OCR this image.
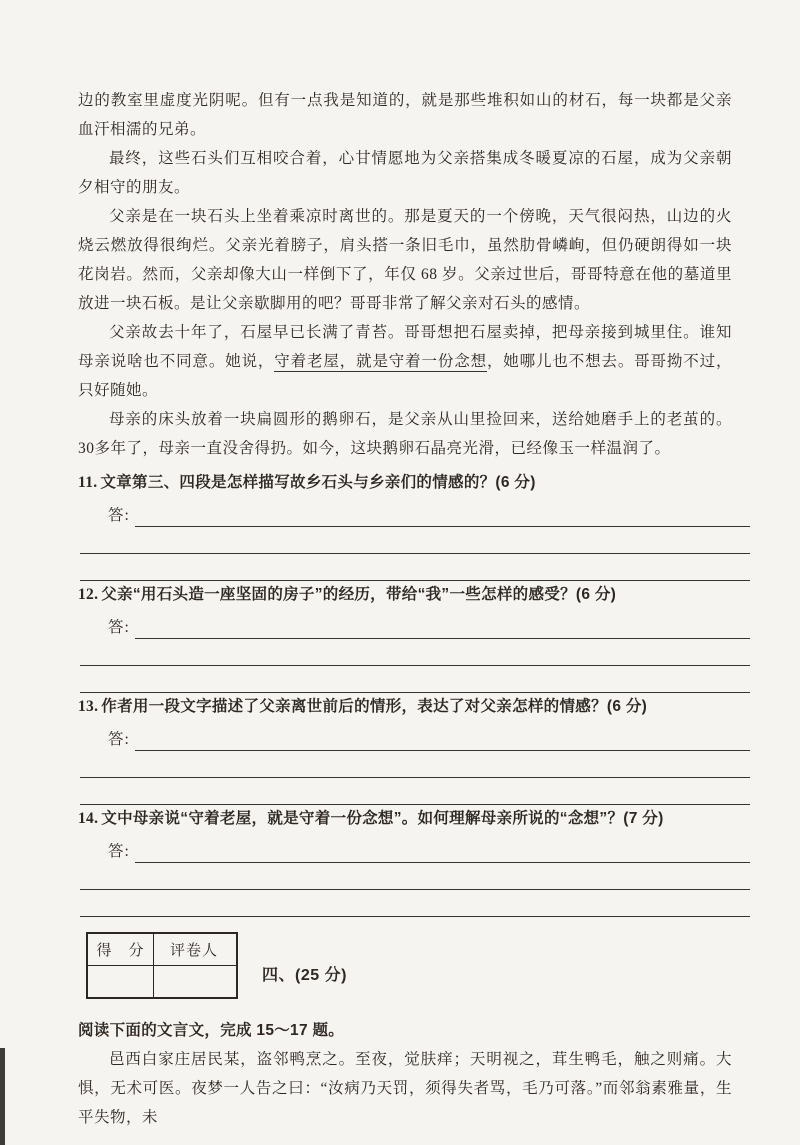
边的教室里虚度光阴呢。但有一点我是知道的，就是那些堆积如山的材石，每一块都是父亲血汗相濡的兄弟。

最终，这些石头们互相咬合着，心甘情愿地为父亲搭集成冬暖夏凉的石屋，成为父亲朝夕相守的朋友。

父亲是在一块石头上坐着乘凉时离世的。那是夏天的一个傍晚，天气很闷热，山边的火烧云燃放得很绚烂。父亲光着膀子，肩头搭一条旧毛巾，虽然肋骨嶙峋，但仍硬朗得如一块花岗岩。然而，父亲却像大山一样倒下了，年仅 68 岁。父亲过世后，哥哥特意在他的墓道里放进一块石板。是让父亲歇脚用的吧？哥哥非常了解父亲对石头的感情。

父亲故去十年了，石屋早已长满了青苔。哥哥想把石屋卖掉，把母亲接到城里住。谁知母亲说啥也不同意。她说，守着老屋，就是守着一份念想，她哪儿也不想去。哥哥拗不过，只好随她。

母亲的床头放着一块扁圆形的鹅卵石，是父亲从山里捡回来，送给她磨手上的老茧的。30多年了，母亲一直没舍得扔。如今，这块鹅卵石晶亮光滑，已经像玉一样温润了。

11. 文章第三、四段是怎样描写故乡石头与乡亲们的情感的？(6 分)
答:
12. 父亲“用石头造一座坚固的房子”的经历，带给“我”一些怎样的感受？(6 分)
答:
13. 作者用一段文字描述了父亲离世前后的情形，表达了对父亲怎样的情感？(6 分)
答:
14. 文中母亲说“守着老屋，就是守着一份念想”。如何理解母亲所说的“念想”？(7 分)
答:
得　分	评卷人
四、(25 分)

阅读下面的文言文，完成 15～17 题。

邑西白家庄居民某，盗邻鸭烹之。至夜，觉肤痒；天明视之，茸生鸭毛，触之则痛。大惧，无术可医。夜梦一人告之曰：“汝病乃天罚，须得失者骂，毛乃可落。”而邻翁素雅量，生平失物，未
